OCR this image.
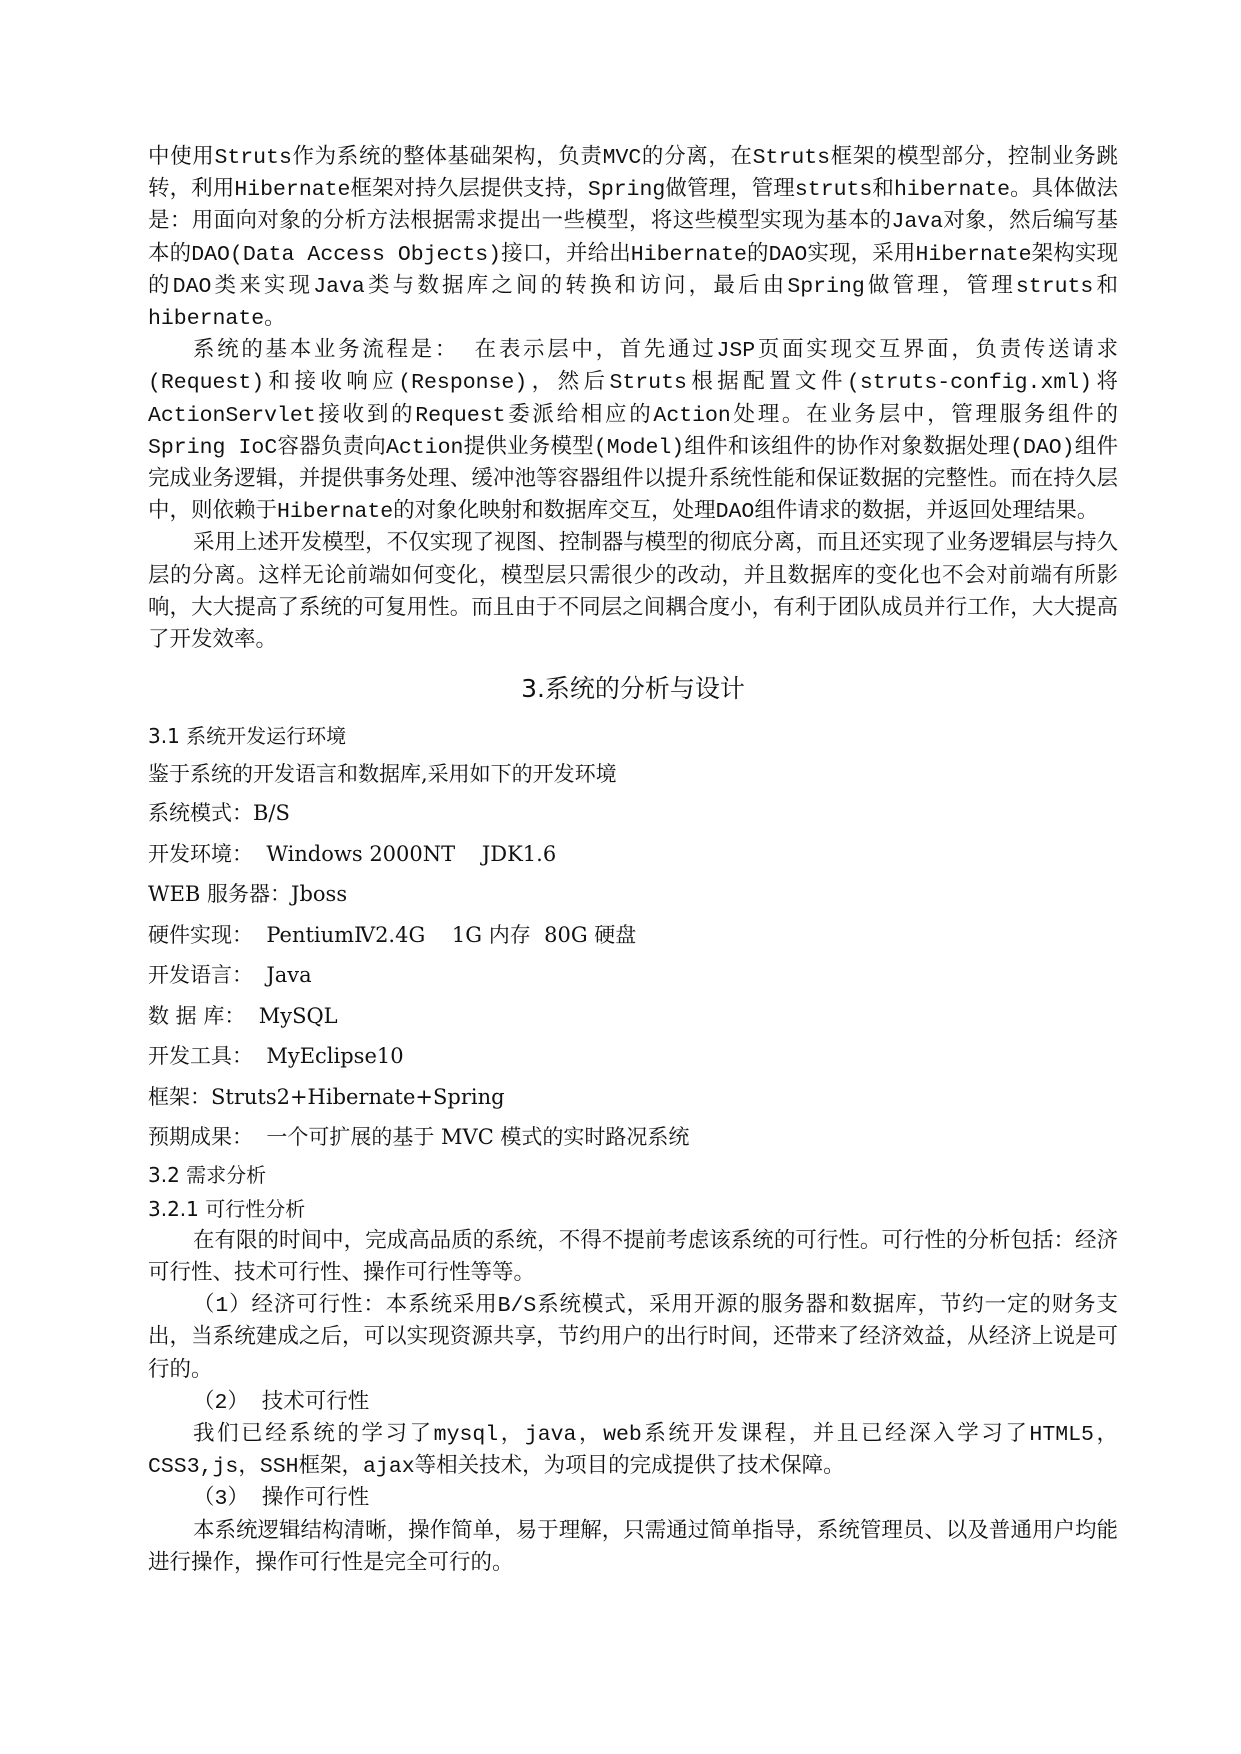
中使用Struts作为系统的整体基础架构，负责MVC的分离，在Struts框架的模型部分，控制业务跳转，利用Hibernate框架对持久层提供支持，Spring做管理，管理struts和hibernate。具体做法是：用面向对象的分析方法根据需求提出一些模型，将这些模型实现为基本的Java对象，然后编写基本的DAO(Data Access Objects)接口，并给出Hibernate的DAO实现，采用Hibernate架构实现的DAO类来实现Java类与数据库之间的转换和访问，最后由Spring做管理，管理struts和hibernate。

系统的基本业务流程是： 在表示层中，首先通过JSP页面实现交互界面，负责传送请求(Request)和接收响应(Response)，然后Struts根据配置文件(struts-config.xml)将ActionServlet接收到的Request委派给相应的Action处理。在业务层中，管理服务组件的Spring IoC容器负责向Action提供业务模型(Model)组件和该组件的协作对象数据处理(DAO)组件完成业务逻辑，并提供事务处理、缓冲池等容器组件以提升系统性能和保证数据的完整性。而在持久层中，则依赖于Hibernate的对象化映射和数据库交互，处理DAO组件请求的数据，并返回处理结果。

采用上述开发模型，不仅实现了视图、控制器与模型的彻底分离，而且还实现了业务逻辑层与持久层的分离。这样无论前端如何变化，模型层只需很少的改动，并且数据库的变化也不会对前端有所影响，大大提高了系统的可复用性。而且由于不同层之间耦合度小，有利于团队成员并行工作，大大提高了开发效率。

3.系统的分析与设计
3.1 系统开发运行环境

鉴于系统的开发语言和数据库,采用如下的开发环境

系统模式：B/S

开发环境：  Windows 2000NT    JDK1.6

WEB 服务器：Jboss

硬件实现：  PentiumⅣ2.4G    1G 内存  80G 硬盘

开发语言：  Java

数 据 库：  MySQL

开发工具：  MyEclipse10

框架：Struts2+Hibernate+Spring

预期成果：  一个可扩展的基于 MVC 模式的实时路况系统

3.2 需求分析
3.2.1 可行性分析

在有限的时间中，完成高品质的系统，不得不提前考虑该系统的可行性。可行性的分析包括：经济可行性、技术可行性、操作可行性等等。

（1）经济可行性：本系统采用B/S系统模式，采用开源的服务器和数据库，节约一定的财务支出，当系统建成之后，可以实现资源共享，节约用户的出行时间，还带来了经济效益，从经济上说是可行的。

（2） 技术可行性

我们已经系统的学习了mysql，java，web系统开发课程，并且已经深入学习了HTML5，CSS3,js，SSH框架，ajax等相关技术，为项目的完成提供了技术保障。

（3） 操作可行性

本系统逻辑结构清晰，操作简单，易于理解，只需通过简单指导，系统管理员、以及普通用户均能进行操作，操作可行性是完全可行的。
